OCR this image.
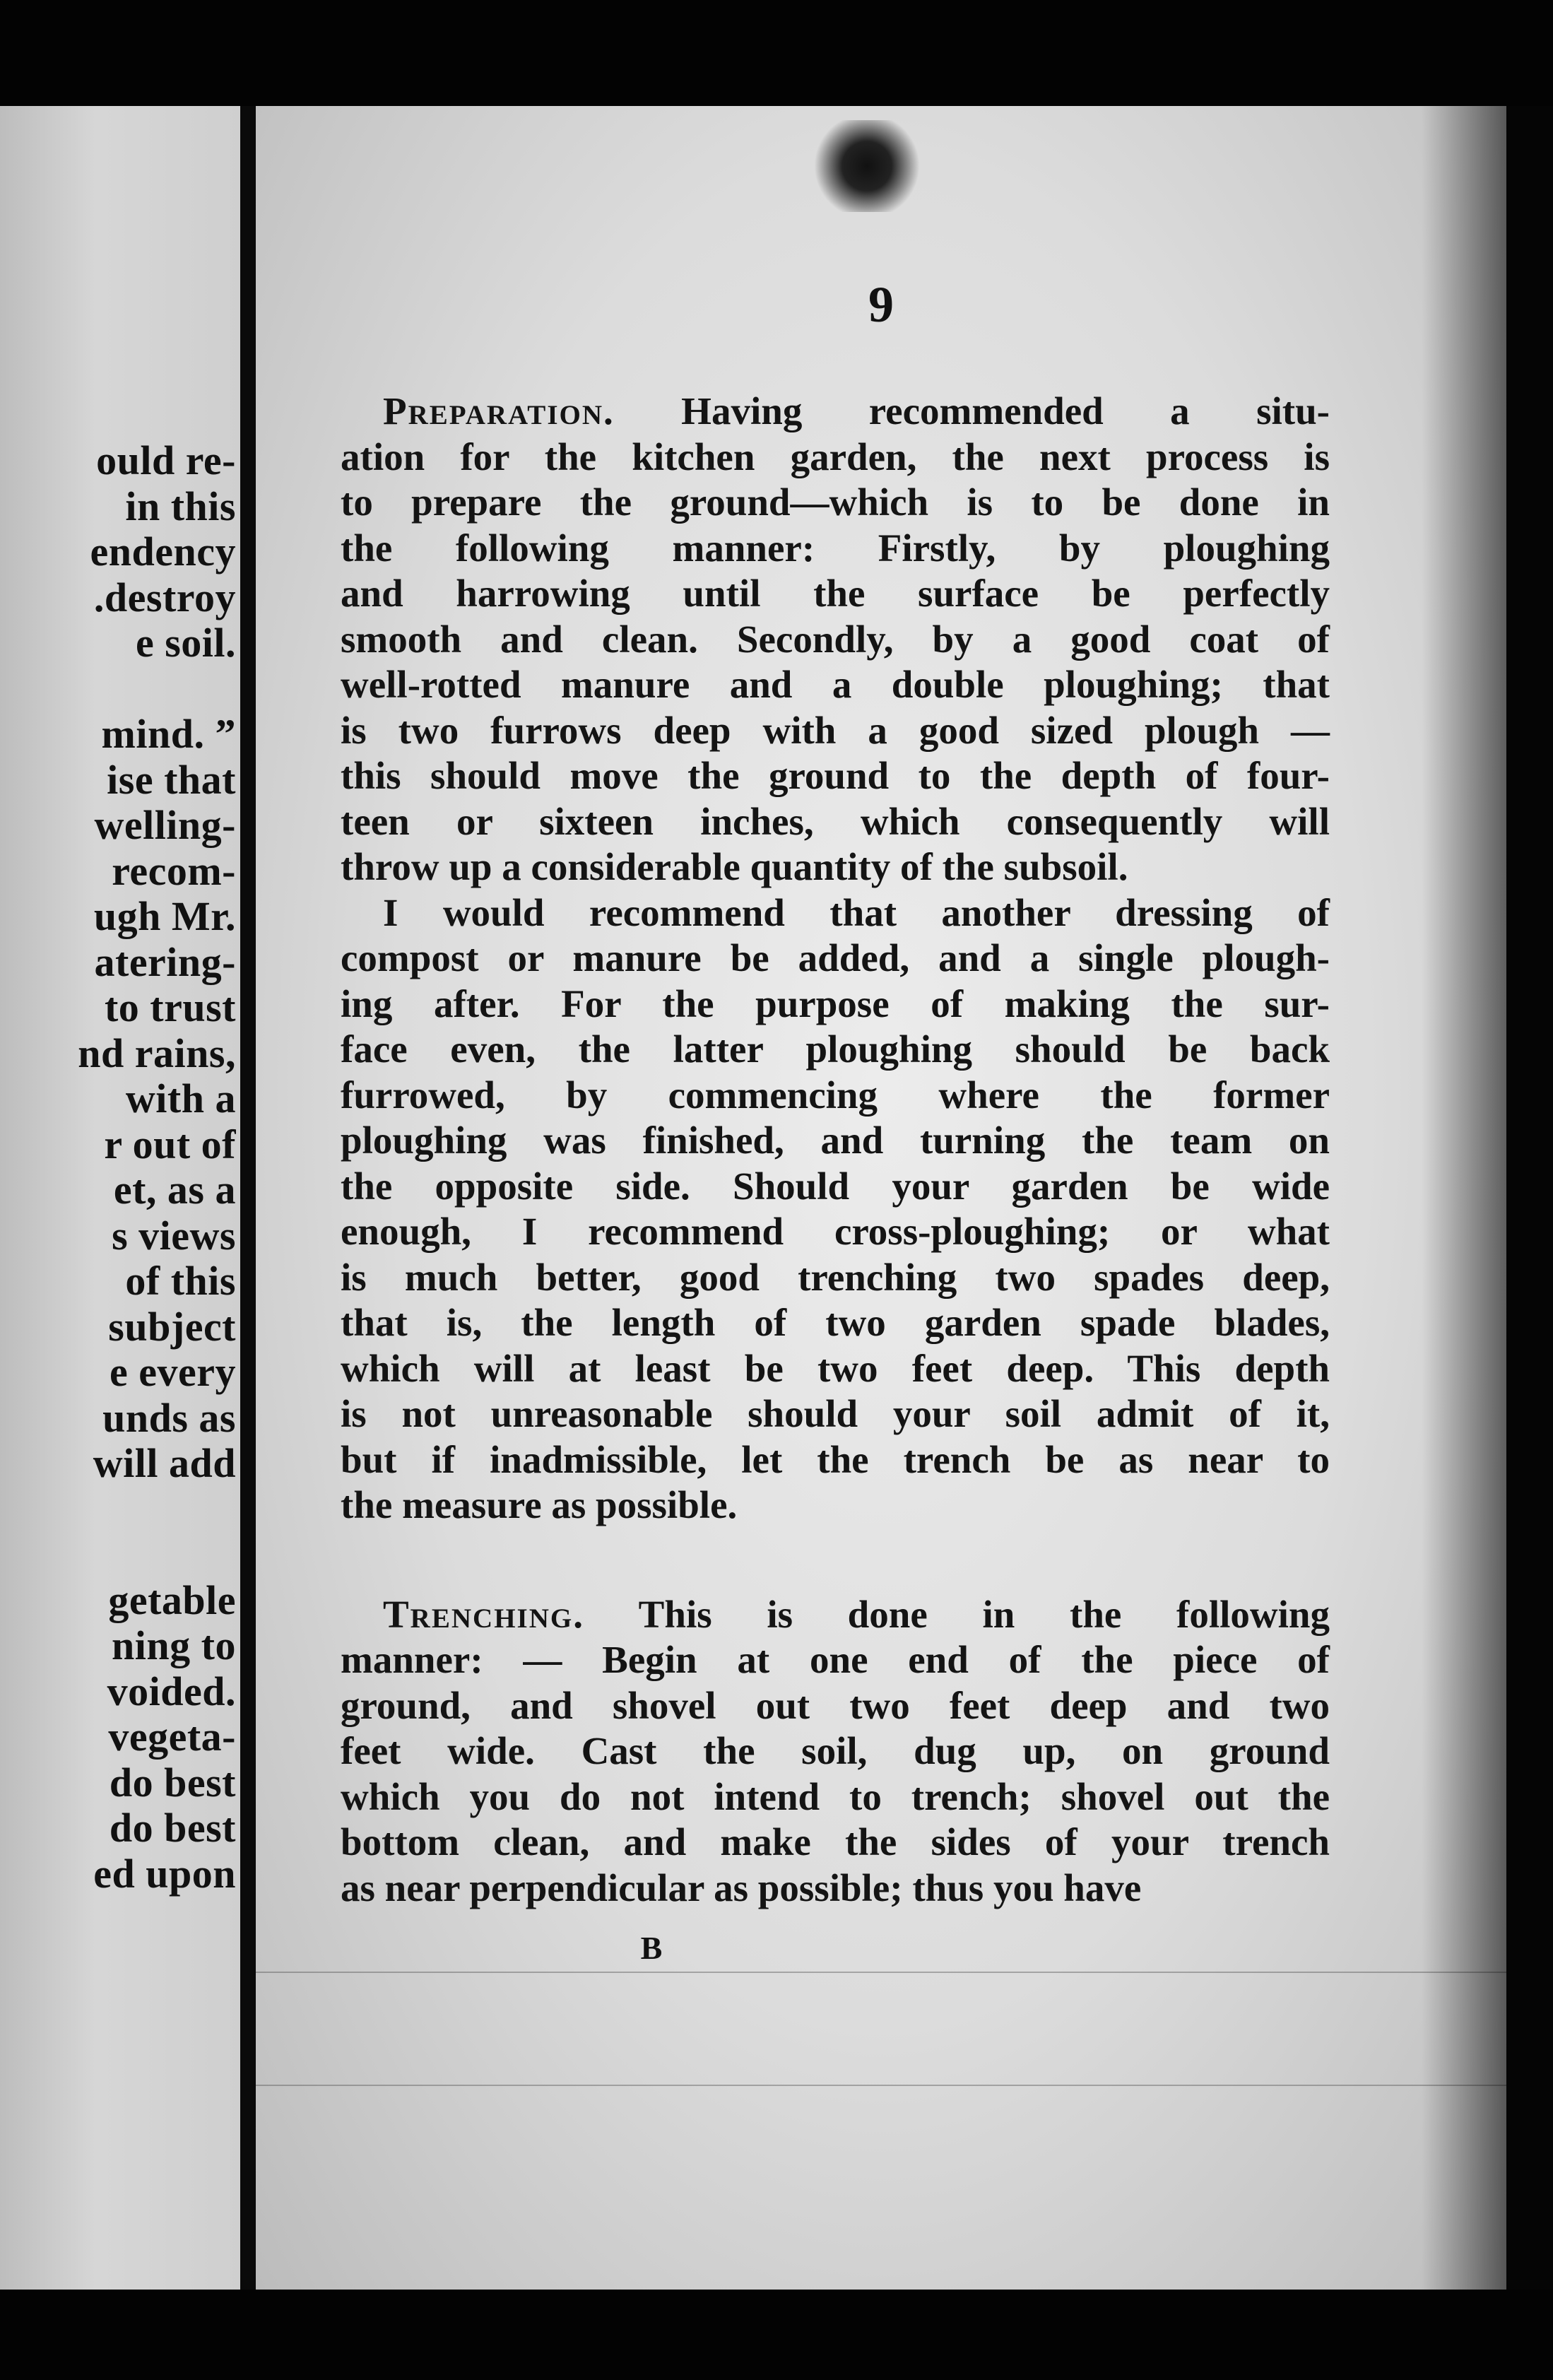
ould re-
in this
endency
.destroy
e soil.

mind. ”
ise that
welling-
recom-
ugh Mr.
atering-
to trust
nd rains,
with a
r out of
et, as a
s views
of this
subject
e every
unds as
will add

getable
ning to
voided.
vegeta-
do best
do best
ed upon
9
Preparation. Having recommended a situ-
ation for the kitchen garden, the next process is
to prepare the ground—which is to be done in
the following manner: Firstly, by ploughing
and harrowing until the surface be perfectly
smooth and clean. Secondly, by a good coat of
well-rotted manure and a double ploughing; that
is two furrows deep with a good sized plough —
this should move the ground to the depth of four-
teen or sixteen inches, which consequently will
throw up a considerable quantity of the subsoil.
I would recommend that another dressing of
compost or manure be added, and a single plough-
ing after. For the purpose of making the sur-
face even, the latter ploughing should be back
furrowed, by commencing where the former
ploughing was finished, and turning the team on
the opposite side. Should your garden be wide
enough, I recommend cross-ploughing; or what
is much better, good trenching two spades deep,
that is, the length of two garden spade blades,
which will at least be two feet deep. This depth
is not unreasonable should your soil admit of it,
but if inadmissible, let the trench be as near to
the measure as possible.
Trenching. This is done in the following
manner: — Begin at one end of the piece of
ground, and shovel out two feet deep and two
feet wide. Cast the soil, dug up, on ground
which you do not intend to trench; shovel out the
bottom clean, and make the sides of your trench
as near perpendicular as possible; thus you have
B
